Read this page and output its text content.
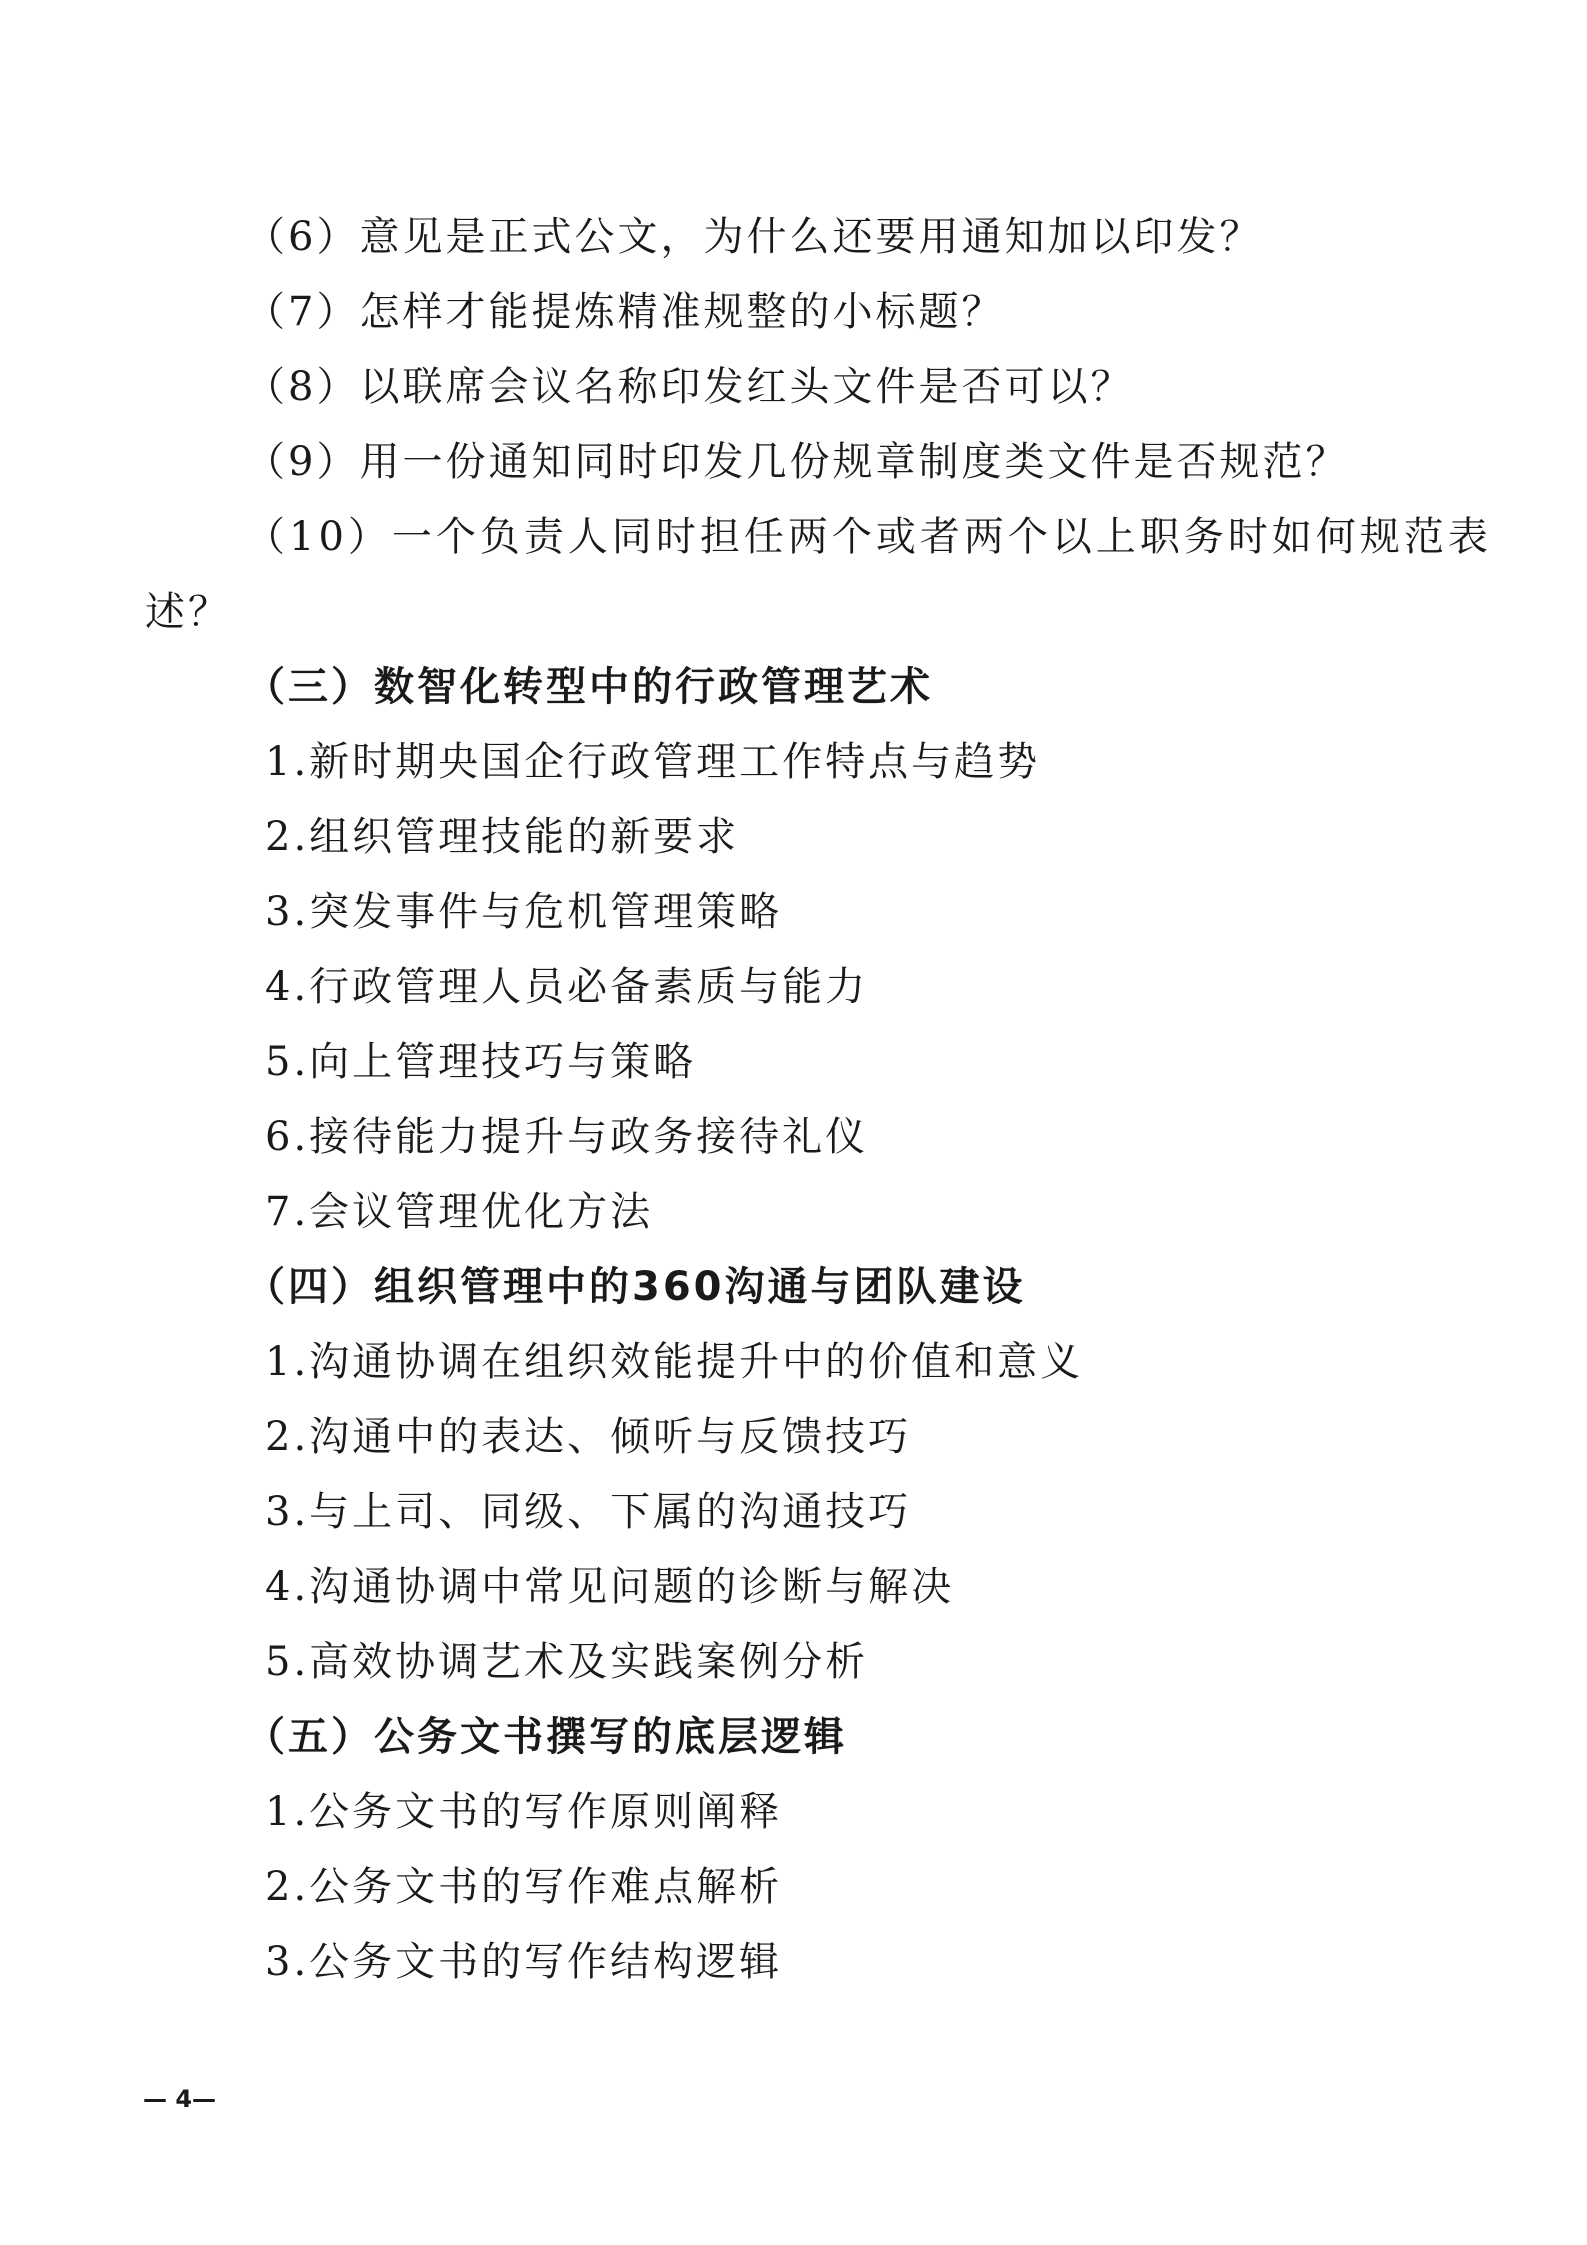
（6）意见是正式公文，为什么还要用通知加以印发？
（7）怎样才能提炼精准规整的小标题？
（8）以联席会议名称印发红头文件是否可以？
（9）用一份通知同时印发几份规章制度类文件是否规范？
（10）一个负责人同时担任两个或者两个以上职务时如何规范表
述？
（三）数智化转型中的行政管理艺术
1.新时期央国企行政管理工作特点与趋势
2.组织管理技能的新要求
3.突发事件与危机管理策略
4.行政管理人员必备素质与能力
5.向上管理技巧与策略
6.接待能力提升与政务接待礼仪
7.会议管理优化方法
（四）组织管理中的360沟通与团队建设
1.沟通协调在组织效能提升中的价值和意义
2.沟通中的表达、倾听与反馈技巧
3.与上司、同级、下属的沟通技巧
4.沟通协调中常见问题的诊断与解决
5.高效协调艺术及实践案例分析
（五）公务文书撰写的底层逻辑
1.公务文书的写作原则阐释
2.公务文书的写作难点解析
3.公务文书的写作结构逻辑
— 4—
